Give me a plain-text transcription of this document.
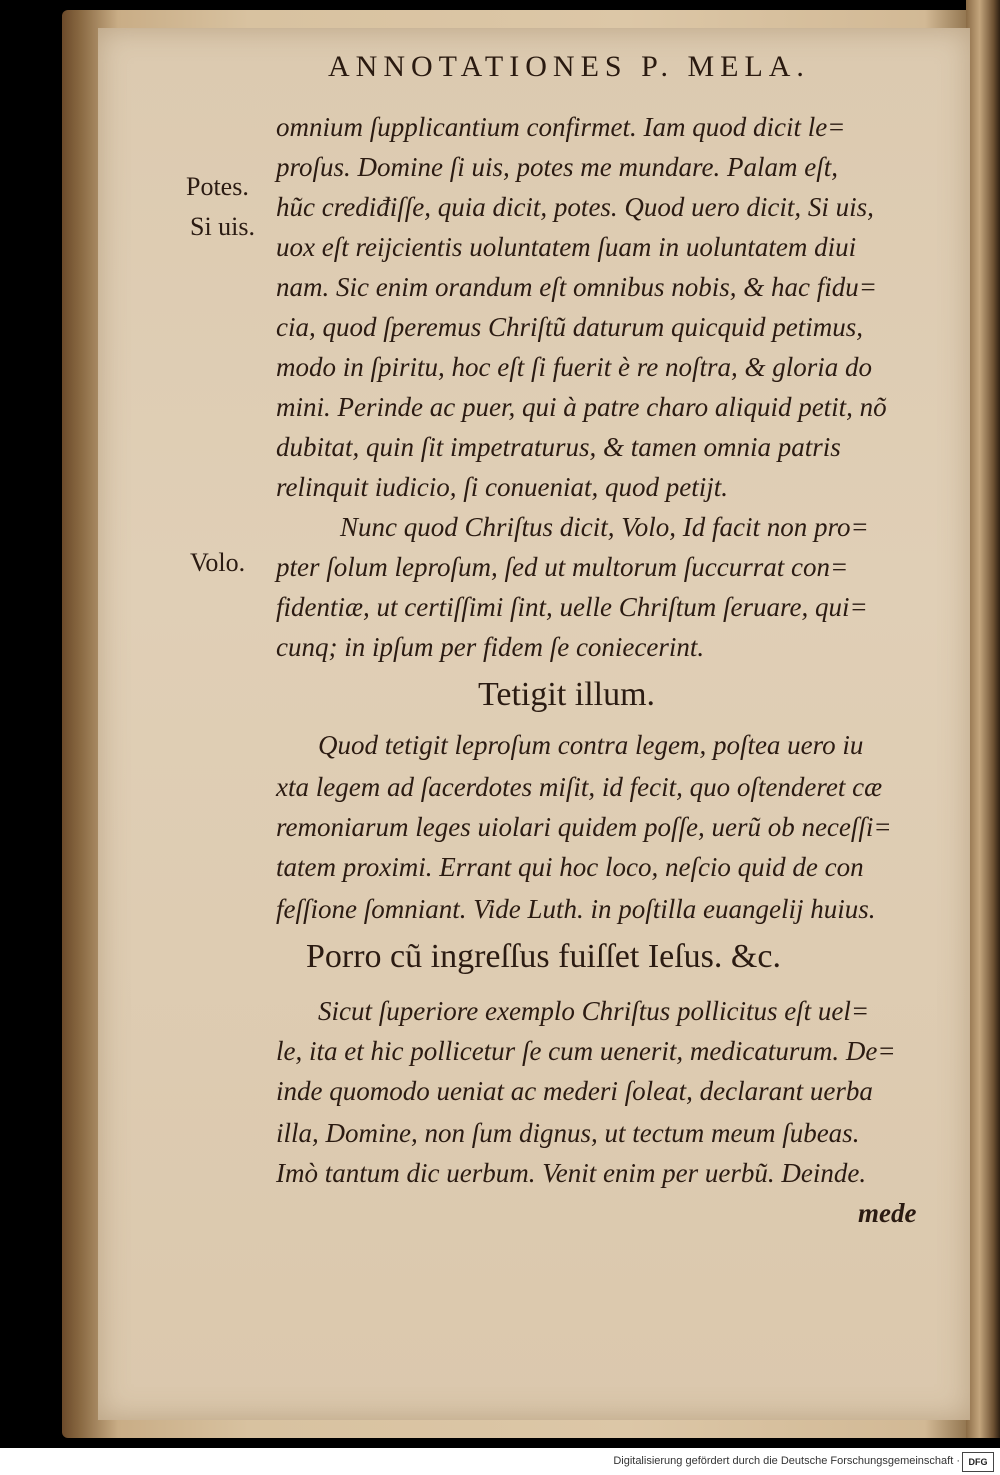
ANNOTATIONES P. MELA.
Potes.
Si uis.
Volo.
omnium ſupplicantium confirmet. Iam quod dicit le=
proſus. Domine ſi uis, potes me mundare. Palam eſt,
hũc crediđiſſe, quia dicit, potes. Quod uero dicit, Si uis,
uox eſt reijcientis uoluntatem ſuam in uoluntatem diui
nam. Sic enim orandum eſt omnibus nobis, & hac fidu=
cia, quod ſperemus Chriſtũ daturum quicquid petimus,
modo in ſpiritu, hoc eſt ſi fuerit è re noſtra, & gloria do
mini. Perinde ac puer, qui à patre charo aliquid petit, nõ
dubitat, quin ſit impetraturus, & tamen omnia patris
relinquit iudicio, ſi conueniat, quod petijt.
Nunc quod Chriſtus dicit, Volo, Id facit non pro=
pter ſolum leproſum, ſed ut multorum ſuccurrat con=
fidentiæ, ut certiſſimi ſint, uelle Chriſtum ſeruare, qui=
cunq; in ipſum per fidem ſe coniecerint.
Tetigit illum.
Quod tetigit leproſum contra legem, poſtea uero iu
xta legem ad ſacerdotes miſit, id fecit, quo oſtenderet cæ
remoniarum leges uiolari quidem poſſe, uerũ ob neceſſi=
tatem proximi. Errant qui hoc loco, neſcio quid de con
feſſione ſomniant. Vide Luth. in poſtilla euangelij huius.
Porro cũ ingreſſus fuiſſet Ieſus. &c.
Sicut ſuperiore exemplo Chriſtus pollicitus eſt uel=
le, ita et hic pollicetur ſe cum uenerit, medicaturum. De=
inde quomodo ueniat ac mederi ſoleat, declarant uerba
illa, Domine, non ſum dignus, ut tectum meum ſubeas.
Imò tantum dic uerbum. Venit enim per uerbũ. Deinde.
mede
Digitalisierung gefördert durch die Deutsche Forschungsgemeinschaft · DFG
